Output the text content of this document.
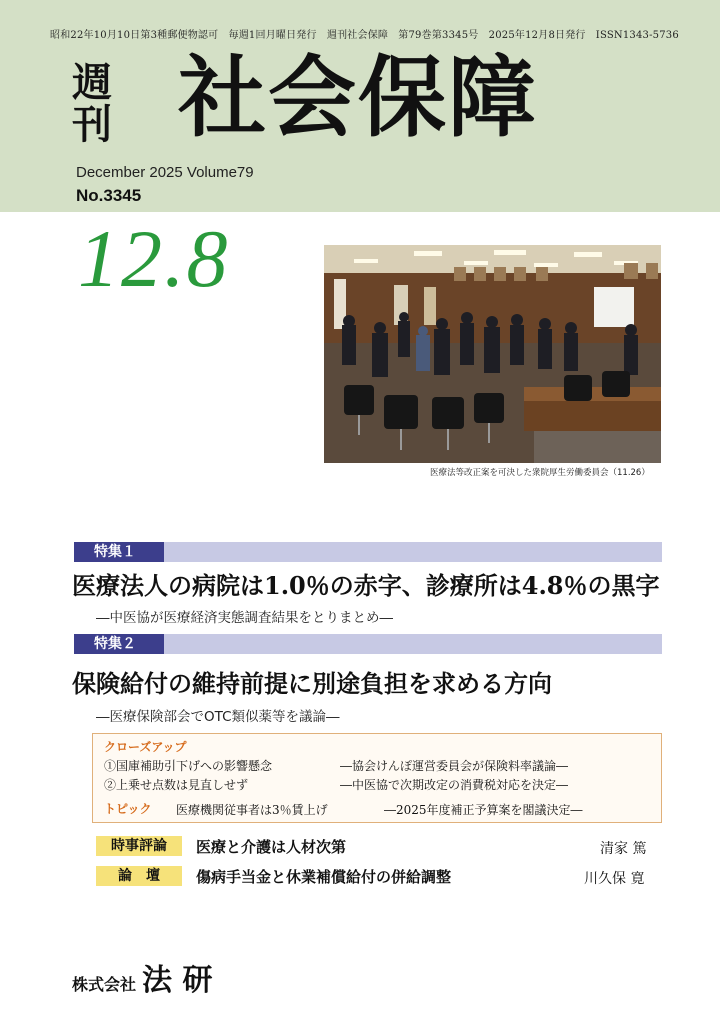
昭和22年10月10日第3種郵便物認可　毎週1回月曜日発行　週刊社会保障　第79巻第3345号　2025年12月8日発行　ISSN1343-5736
週刊 社会保障
December 2025 Volume79
No.3345
12.8
医療法等改正案を可決した衆院厚生労働委員会（11.26）
特集１
医療法人の病院は1.0％の赤字、診療所は4.8％の黒字
―中医協が医療経済実態調査結果をとりまとめ―
特集２
保険給付の維持前提に別途負担を求める方向
―医療保険部会でOTC類似薬等を議論―
クローズアップ
①国庫補助引下げへの影響懸念	―協会けんぽ運営委員会が保険料率議論―
②上乗せ点数は見直しせず	―中医協で次期改定の消費税対応を決定―
トピック 医療機関従事者は3％賃上げ	―2025年度補正予算案を閣議決定―
時事評論	医療と介護は人材次第	清家 篤
論　壇	傷病手当金と休業補償給付の併給調整	川久保 寛
株式会社 法 研
